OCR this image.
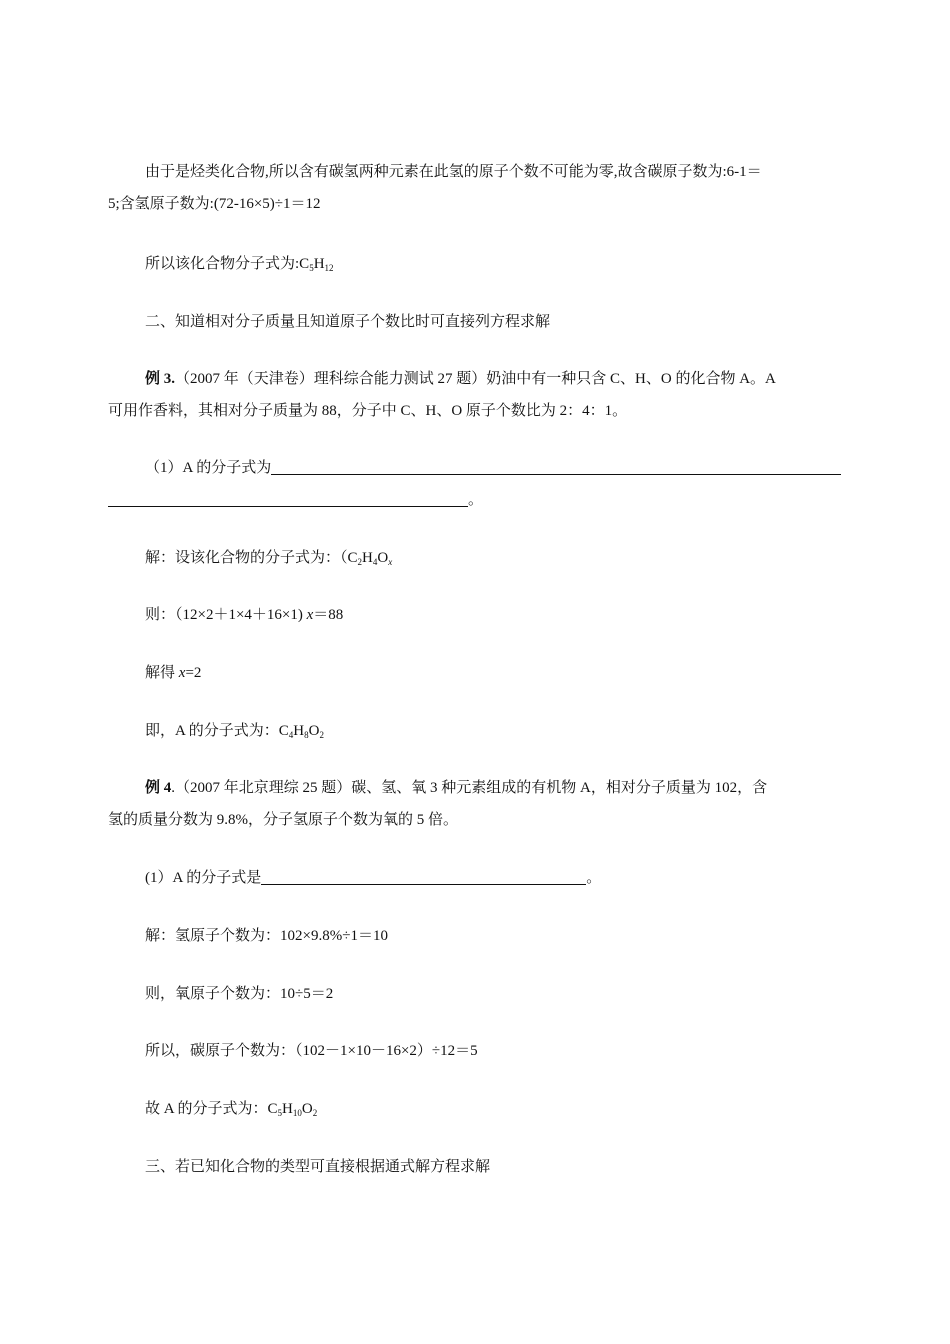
由于是烃类化合物,所以含有碳氢两种元素在此氢的原子个数不可能为零,故含碳原子数为:6-1＝
5;含氢原子数为:(72-16×5)÷1＝12
所以该化合物分子式为$:C_5H_{12}$
二、知道相对分子质量且知道原子个数比时可直接列方程求解
例 3.（2007 年（天津卷）理科综合能力测试 27 题）奶油中有一种只含 C、H、O 的化合物 A。A
可用作香料，其相对分子质量为 88，分子中 C、H、O 原子个数比为 2：4：1。
（1）A 的分子式为
。
解：设该化合物的分子式为：（$C_2H_4O_x$
则：（12×2＋1×4＋16×1) x＝88
解得 x=2
即，A 的分子式为：$C_4H_8O_2$
例 4.（2007 年北京理综 25 题）碳、氢、氧 3 种元素组成的有机物 A，相对分子质量为 102，含
氢的质量分数为 9.8%，分子氢原子个数为氧的 5 倍。
(1）A 的分子式是	。
解：氢原子个数为：102×9.8%÷1＝10
则，氧原子个数为：10÷5＝2
所以，碳原子个数为：（102－1×10－16×2）÷12＝5
故 A 的分子式为：$C_5H_{10}O_2$
三、若已知化合物的类型可直接根据通式解方程求解
